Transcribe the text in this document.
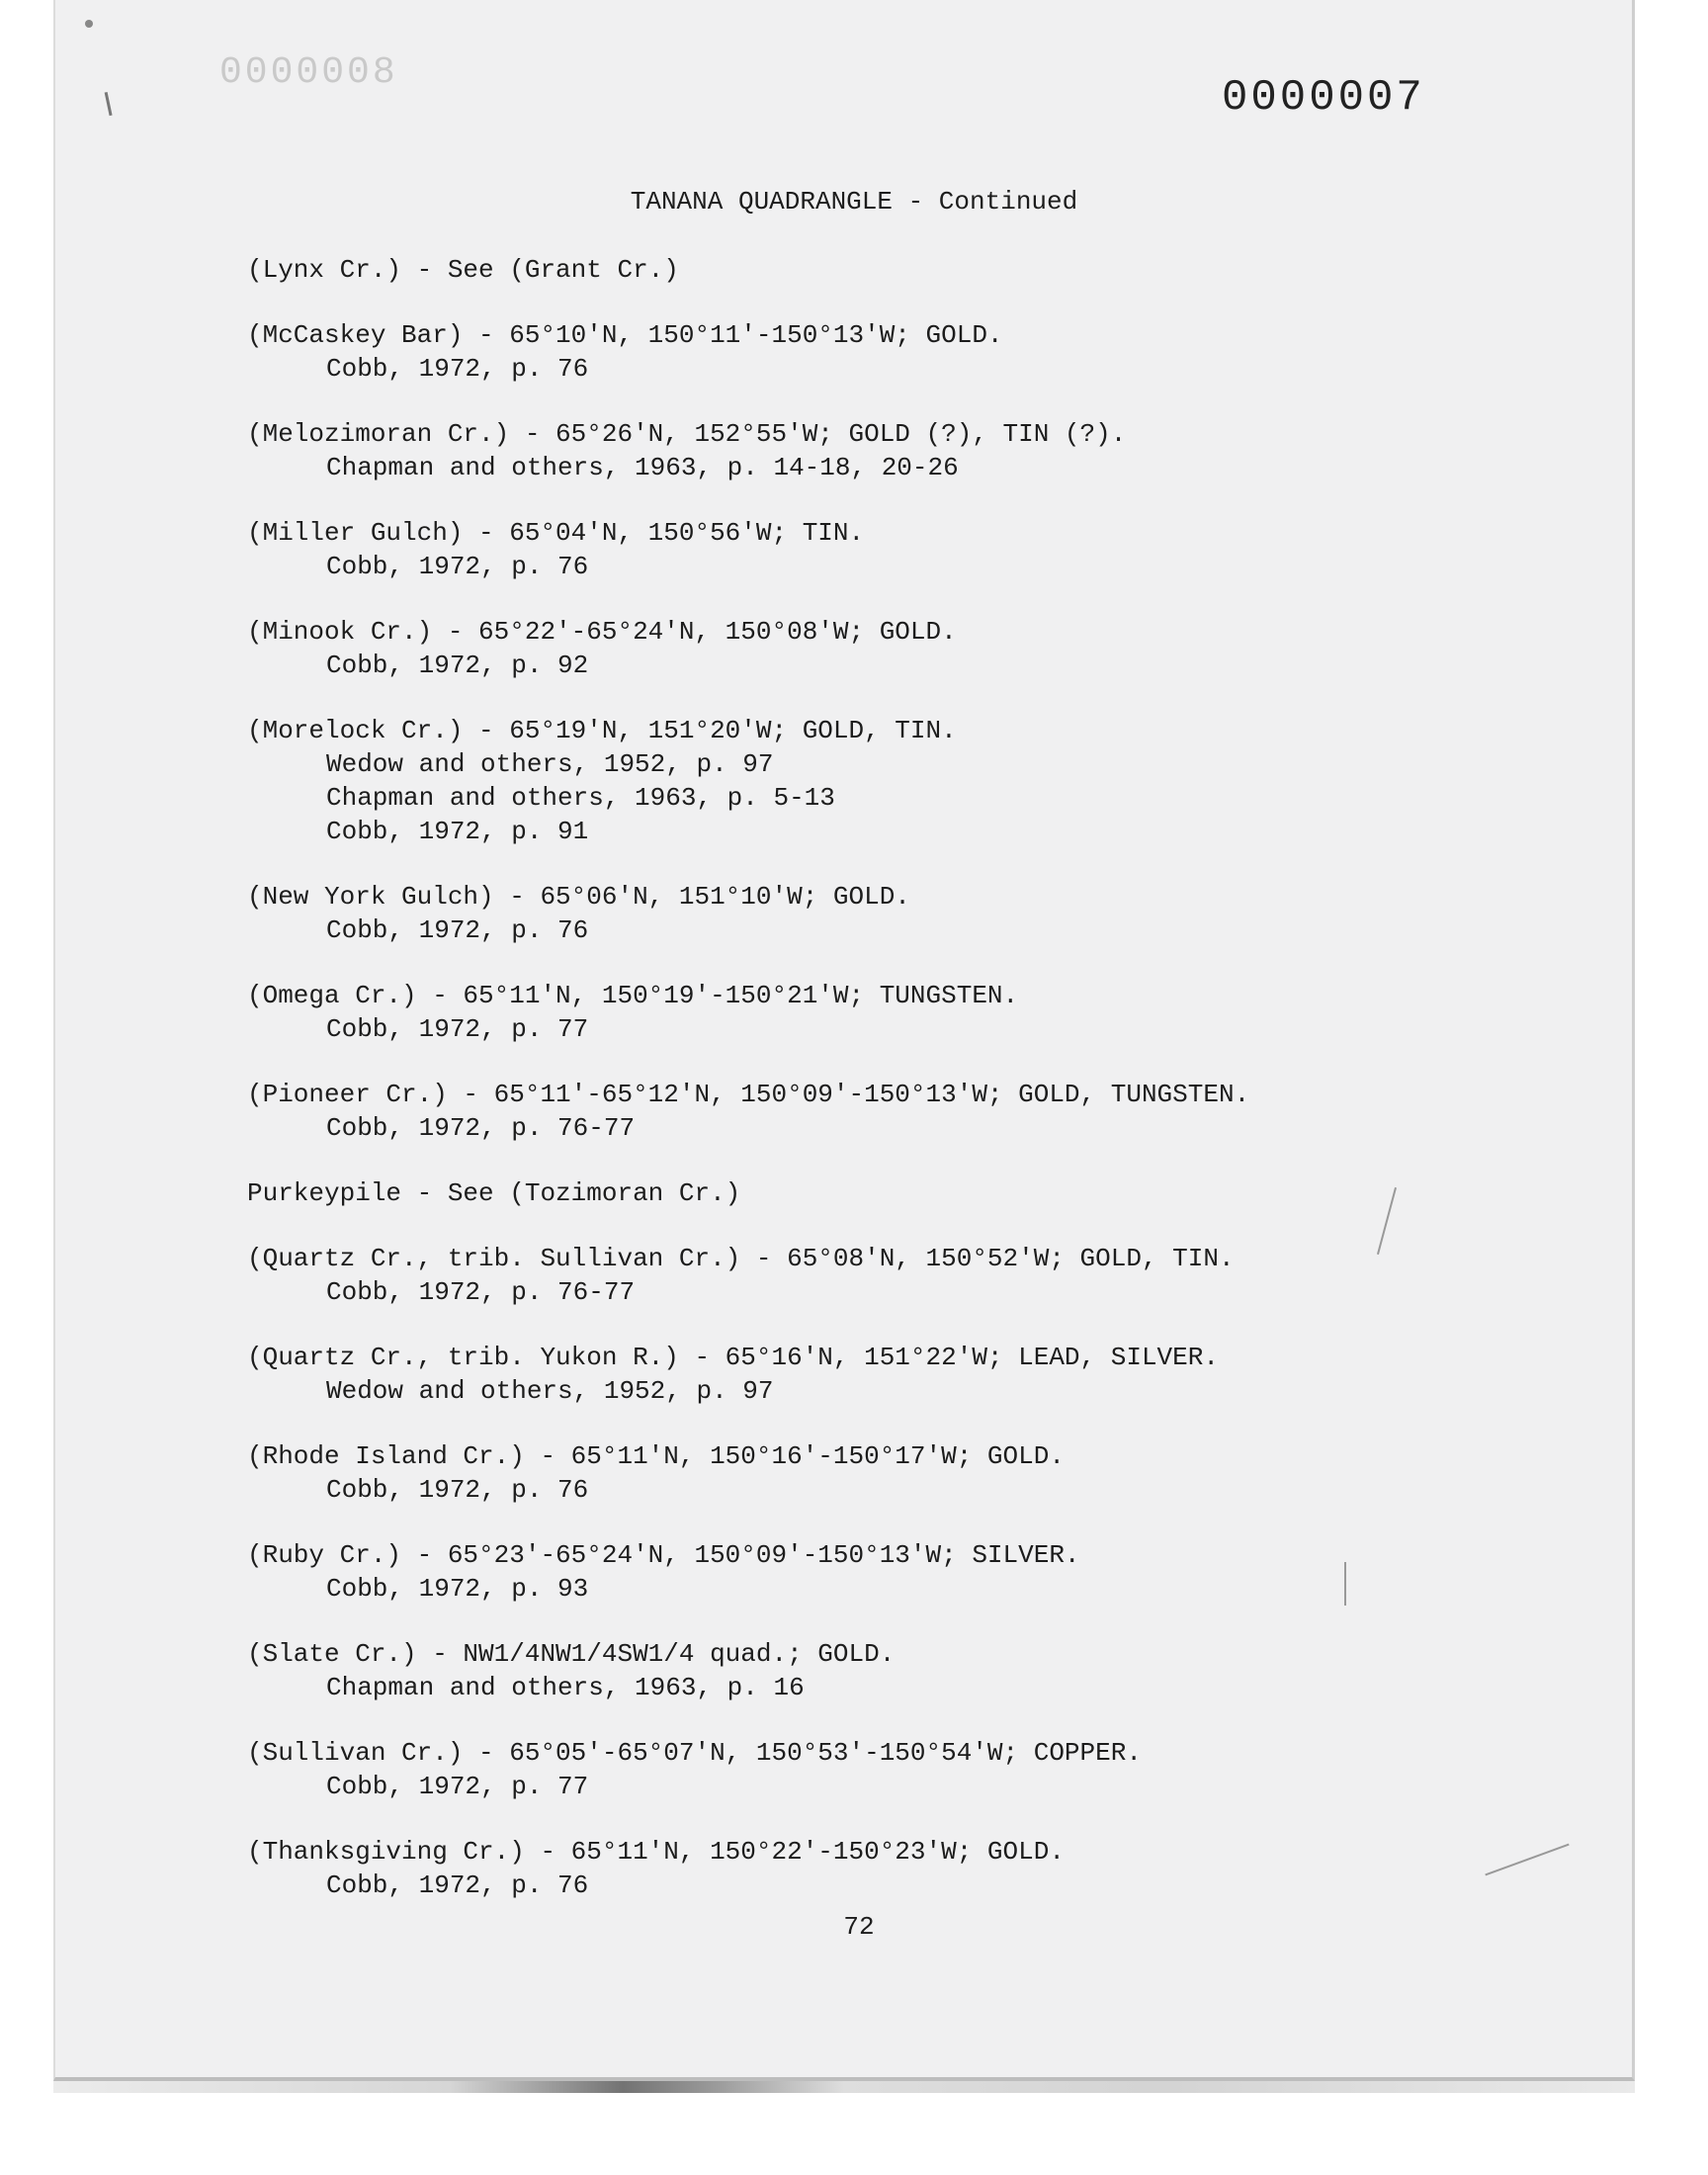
0000008
0000007
TANANA QUADRANGLE - Continued
(Lynx Cr.) - See (Grant Cr.)
(McCaskey Bar) - 65°10'N, 150°11'-150°13'W; GOLD.
Cobb, 1972, p. 76
(Melozimoran Cr.) - 65°26'N, 152°55'W; GOLD (?), TIN (?).
Chapman and others, 1963, p. 14-18, 20-26
(Miller Gulch) - 65°04'N, 150°56'W; TIN.
Cobb, 1972, p. 76
(Minook Cr.) - 65°22'-65°24'N, 150°08'W; GOLD.
Cobb, 1972, p. 92
(Morelock Cr.) - 65°19'N, 151°20'W; GOLD, TIN.
Wedow and others, 1952, p. 97
Chapman and others, 1963, p. 5-13
Cobb, 1972, p. 91
(New York Gulch) - 65°06'N, 151°10'W; GOLD.
Cobb, 1972, p. 76
(Omega Cr.) - 65°11'N, 150°19'-150°21'W; TUNGSTEN.
Cobb, 1972, p. 77
(Pioneer Cr.) - 65°11'-65°12'N, 150°09'-150°13'W; GOLD, TUNGSTEN.
Cobb, 1972, p. 76-77
Purkeypile - See (Tozimoran Cr.)
(Quartz Cr., trib. Sullivan Cr.) - 65°08'N, 150°52'W; GOLD, TIN.
Cobb, 1972, p. 76-77
(Quartz Cr., trib. Yukon R.) - 65°16'N, 151°22'W; LEAD, SILVER.
Wedow and others, 1952, p. 97
(Rhode Island Cr.) - 65°11'N, 150°16'-150°17'W; GOLD.
Cobb, 1972, p. 76
(Ruby Cr.) - 65°23'-65°24'N, 150°09'-150°13'W; SILVER.
Cobb, 1972, p. 93
(Slate Cr.) - NW1/4NW1/4SW1/4 quad.; GOLD.
Chapman and others, 1963, p. 16
(Sullivan Cr.) - 65°05'-65°07'N, 150°53'-150°54'W; COPPER.
Cobb, 1972, p. 77
(Thanksgiving Cr.) - 65°11'N, 150°22'-150°23'W; GOLD.
Cobb, 1972, p. 76
72
